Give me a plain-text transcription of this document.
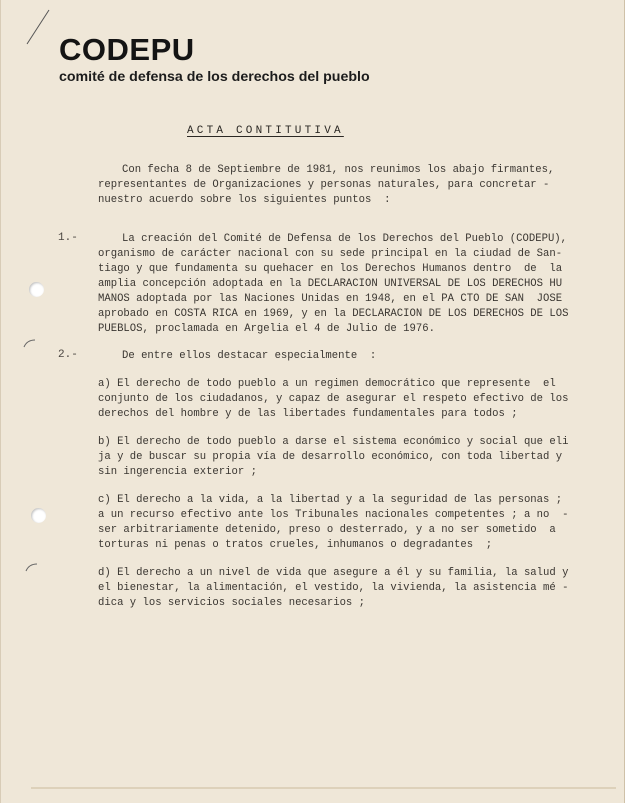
CODEPU
comité de defensa de los derechos del pueblo
ACTA CONTITUTIVA
Con fecha 8 de Septiembre de 1981, nos reunimos los abajo firmantes,
representantes de Organizaciones y personas naturales, para concretar -
nuestro acuerdo sobre los siguientes puntos  :
1.-	La creación del Comité de Defensa de los Derechos del Pueblo (CODEPU),
organismo de carácter nacional con su sede principal en la ciudad de San-
tiago y que fundamenta su quehacer en los Derechos Humanos dentro  de  la
amplia concepción adoptada en la DECLARACION UNIVERSAL DE LOS DERECHOS HU
MANOS adoptada por las Naciones Unidas en 1948, en el PA CTO DE SAN  JOSE
aprobado en COSTA RICA en 1969, y en la DECLARACION DE LOS DERECHOS DE LOS
PUEBLOS, proclamada en Argelia el 4 de Julio de 1976.
2.-	De entre ellos destacar especialmente  :
a) El derecho de todo pueblo a un regimen democrático que represente  el
conjunto de los ciudadanos, y capaz de asegurar el respeto efectivo de los
derechos del hombre y de las libertades fundamentales para todos ;
b) El derecho de todo pueblo a darse el sistema económico y social que eli
ja y de buscar su propia vía de desarrollo económico, con toda libertad y
sin ingerencia exterior ;
c) El derecho a la vida, a la libertad y a la seguridad de las personas ;
a un recurso efectivo ante los Tribunales nacionales competentes ; a no  -
ser arbitrariamente detenido, preso o desterrado, y a no ser sometido  a
torturas ni penas o tratos crueles, inhumanos o degradantes  ;
d) El derecho a un nivel de vida que asegure a él y su familia, la salud y
el bienestar, la alimentación, el vestido, la vivienda, la asistencia mé -
dica y los servicios sociales necesarios ;
